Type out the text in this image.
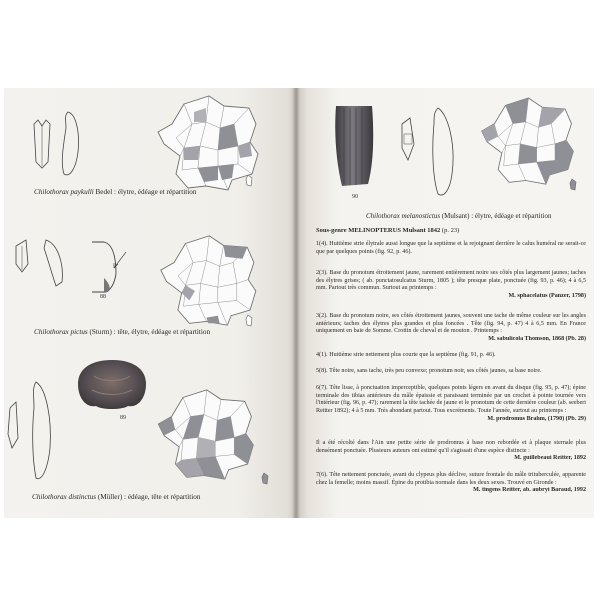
Chilothorax paykulli Bedel : élytre, édéage et répartition
88
Chilothorax pictus (Sturm) : tête, élytre, édéage et répartition
89
Chilothorax distinctus (Müller) : édéage, tête et répartition
90
Chilothorax melanostictus (Mulsant) : élytre, édéage et répartition
Sous-genre MELINOPTERUS Mulsant 1842 (p. 23)
1(4). Huitième strie élytrale aussi longue que la septième et la rejoignant derrière le calus huméral ne serait-ce que par quelques points (fig. 92, p. 46).
2(3). Base du pronotum étroitement jaune, rarement entièrement noire ses côtés plus largement jaunes; taches des élytres grises; ( ab. punctatosulcatus Sturm, 1805 ); tête presque plate, ponctuée (fig. 93, p. 46); 4 à 6,5 mm. Partout très commun. Surtout au printemps :
M. sphacelatus (Panzer, 1798)
3(2). Base du pronotum noire, ses côtés étroitement jaunes, souvent une tache de même couleur sur les angles antérieurs; taches des élytres plus grandes et plus foncées . Tête (fig. 94, p. 47) 4 à 6,5 mm. En France uniquement en baie de Somme. Crottin de cheval et de mouton . Printemps :
M. sabulicola Thomson, 1868 (Pb. 28)
4(1). Huitième strie nettement plus courte que la septième (fig. 91, p. 46).
5(8). Tête noire, sans tache, très peu convexe; pronotum noir, ses côtés jaunes, sa base noire.
6(7). Tête lisse, à ponctuation imperceptible, quelques points légers en avant du disque (fig. 95, p. 47); épine terminale des tibias antérieurs du mâle épaissie et paraissant terminée par un crochet à pointe tournée vers l'intérieur (fig. 96, p. 47); rarement la tête tachée de jaune et le pronotum de cette dernière couleur (ab. seeberi Reitter 1892); 4 à 5 mm. Très abondant partout. Tous excréments. Toute l'année, surtout au printemps :
M. prodromus Brahm, (1790) (Pb. 29)
Il a été récolté dans l'Ain une petite série de prodromus à base non rebordée et à plaque sternale plus densément ponctuée. Plusieurs auteurs ont estimé qu'il s'agissait d'une espèce distincte :
M. guillebeaui Reitter, 1892
7(6). Tête nettement ponctuée, avant du clypeus plus déclive, suture frontale du mâle trituberculée, apparente chez la femelle; moins massif. Épine du protibia normale dans les deux sexes. Trouvé en Gironde :
M. tingens Reitter, ab. aubryi Baraud, 1992
